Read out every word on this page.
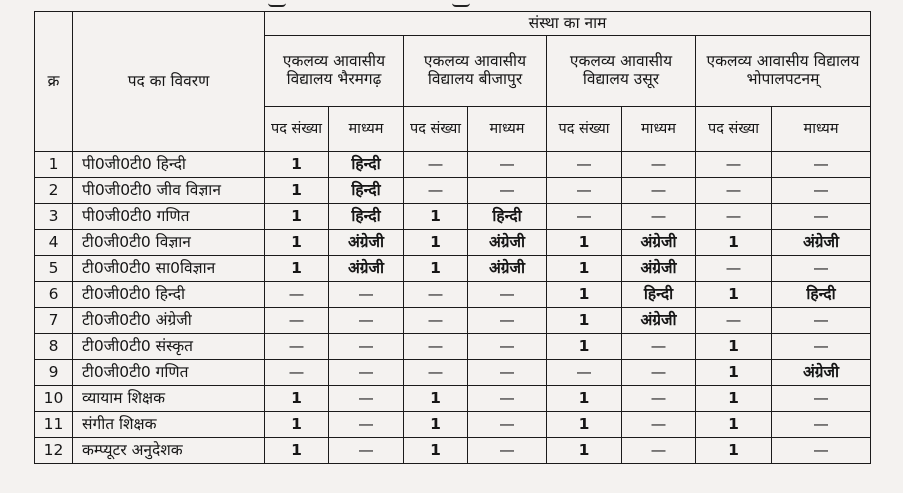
क्र	पद का विवरण	संस्था का नाम							
		एकलव्य आवासीय विद्यालय भैरमगढ़		एकलव्य आवासीय विद्यालय बीजापुर		एकलव्य आवासीय विद्यालय उसूर		एकलव्य आवासीय विद्यालय भोपालपटनम्	
		पद संख्या	माध्यम	पद संख्या	माध्यम	पद संख्या	माध्यम	पद संख्या	माध्यम
1	पी0जी0टी0 हिन्दी	1	हिन्दी	—	—	—	—	—	—
2	पी0जी0टी0 जीव विज्ञान	1	हिन्दी	—	—	—	—	—	—
3	पी0जी0टी0 गणित	1	हिन्दी	1	हिन्दी	—	—	—	—
4	टी0जी0टी0 विज्ञान	1	अंग्रेजी	1	अंग्रेजी	1	अंग्रेजी	1	अंग्रेजी
5	टी0जी0टी0 सा0विज्ञान	1	अंग्रेजी	1	अंग्रेजी	1	अंग्रेजी	—	—
6	टी0जी0टी0 हिन्दी	—	—	—	—	1	हिन्दी	1	हिन्दी
7	टी0जी0टी0 अंग्रेजी	—	—	—	—	1	अंग्रेजी	—	—
8	टी0जी0टी0 संस्कृत	—	—	—	—	1	—	1	—
9	टी0जी0टी0 गणित	—	—	—	—	—	—	1	अंग्रेजी
10	व्यायाम शिक्षक	1	—	1	—	1	—	1	—
11	संगीत शिक्षक	1	—	1	—	1	—	1	—
12	कम्प्यूटर अनुदेशक	1	—	1	—	1	—	1	—
